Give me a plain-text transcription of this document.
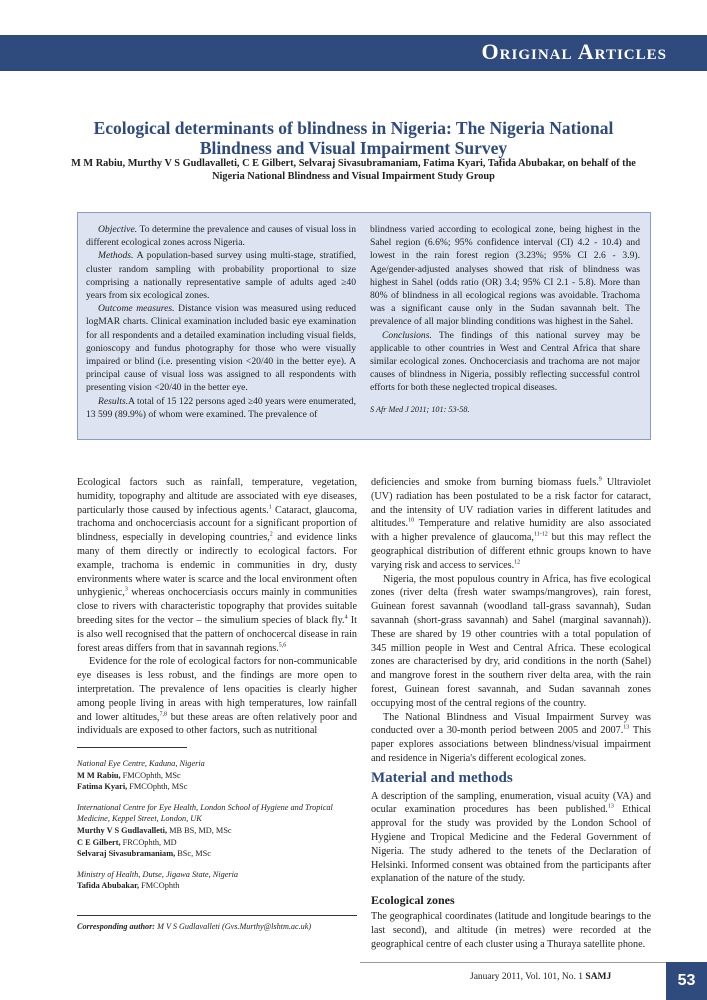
Original Articles
Ecological determinants of blindness in Nigeria: The Nigeria National Blindness and Visual Impairment Survey
M M Rabiu, Murthy V S Gudlavalleti, C E Gilbert, Selvaraj Sivasubramaniam, Fatima Kyari, Tafida Abubakar, on behalf of the Nigeria National Blindness and Visual Impairment Study Group

Objective. To determine the prevalence and causes of visual loss in different ecological zones across Nigeria.

Methods. A population-based survey using multi-stage, stratified, cluster random sampling with probability proportional to size comprising a nationally representative sample of adults aged ≥40 years from six ecological zones.

Outcome measures. Distance vision was measured using reduced logMAR charts. Clinical examination included basic eye examination for all respondents and a detailed examination including visual fields, gonioscopy and fundus photography for those who were visually impaired or blind (i.e. presenting vision <20/40 in the better eye). A principal cause of visual loss was assigned to all respondents with presenting vision <20/40 in the better eye.

Results.A total of 15 122 persons aged ≥40 years were enumerated, 13 599 (89.9%) of whom were examined. The prevalence of

blindness varied according to ecological zone, being highest in the Sahel region (6.6%; 95% confidence interval (CI) 4.2 - 10.4) and lowest in the rain forest region (3.23%; 95% CI 2.6 - 3.9). Age/gender-adjusted analyses showed that risk of blindness was highest in Sahel (odds ratio (OR) 3.4; 95% CI 2.1 - 5.8). More than 80% of blindness in all ecological regions was avoidable. Trachoma was a significant cause only in the Sudan savannah belt. The prevalence of all major blinding conditions was highest in the Sahel.

Conclusions. The findings of this national survey may be applicable to other countries in West and Central Africa that share similar ecological zones. Onchocerciasis and trachoma are not major causes of blindness in Nigeria, possibly reflecting successful control efforts for both these neglected tropical diseases.

S Afr Med J 2011; 101: 53-58.

Ecological factors such as rainfall, temperature, vegetation, humidity, topography and altitude are associated with eye diseases, particularly those caused by infectious agents.$^1$ Cataract, glaucoma, trachoma and onchocerciasis account for a significant proportion of blindness, especially in developing countries,$^2$ and evidence links many of them directly or indirectly to ecological factors. For example, trachoma is endemic in communities in dry, dusty environments where water is scarce and the local environment often unhygienic,$^3$ whereas onchocerciasis occurs mainly in communities close to rivers with characteristic topography that provides suitable breeding sites for the vector – the simulium species of black fly.$^4$ It is also well recognised that the pattern of onchocercal disease in rain forest areas differs from that in savannah regions.$^{5,6}$

Evidence for the role of ecological factors for non-communicable eye diseases is less robust, and the findings are more open to interpretation. The prevalence of lens opacities is clearly higher among people living in areas with high temperatures, low rainfall and lower altitudes,$^{7,8}$ but these areas are often relatively poor and individuals are exposed to other factors, such as nutritional

National Eye Centre, Kaduna, Nigeria

M M Rabiu, FMCOphth, MSc

Fatima Kyari, FMCOphth, MSc

International Centre for Eye Health, London School of Hygiene and Tropical Medicine, Keppel Street, London, UK

Murthy V S Gudlavalleti, MB BS, MD, MSc

C E Gilbert, FRCOphth, MD

Selvaraj Sivasubramaniam, BSc, MSc

Ministry of Health, Dutse, Jigawa State, Nigeria

Tafida Abubakar, FMCOphth

Corresponding author: M V S Gudlavalleti (Gvs.Murthy@lshtm.ac.uk)

deficiencies and smoke from burning biomass fuels.$^9$ Ultraviolet (UV) radiation has been postulated to be a risk factor for cataract, and the intensity of UV radiation varies in different latitudes and altitudes.$^{10}$ Temperature and relative humidity are also associated with a higher prevalence of glaucoma,$^{11-12}$ but this may reflect the geographical distribution of different ethnic groups known to have varying risk and access to services.$^{12}$

Nigeria, the most populous country in Africa, has five ecological zones (river delta (fresh water swamps/mangroves), rain forest, Guinean forest savannah (woodland tall-grass savannah), Sudan savannah (short-grass savannah) and Sahel (marginal savannah)). These are shared by 19 other countries with a total population of 345 million people in West and Central Africa. These ecological zones are characterised by dry, arid conditions in the north (Sahel) and mangrove forest in the southern river delta area, with the rain forest, Guinean forest savannah, and Sudan savannah zones occupying most of the central regions of the country.

The National Blindness and Visual Impairment Survey was conducted over a 30-month period between 2005 and 2007.13 This paper explores associations between blindness/visual impairment and residence in Nigeria's different ecological zones.

Material and methods

A description of the sampling, enumeration, visual acuity (VA) and ocular examination procedures has been published.$^{13}$ Ethical approval for the study was provided by the London School of Hygiene and Tropical Medicine and the Federal Government of Nigeria. The study adhered to the tenets of the Declaration of Helsinki. Informed consent was obtained from the participants after explanation of the nature of the study.

Ecological zones

The geographical coordinates (latitude and longitude bearings to the last second), and altitude (in metres) were recorded at the geographical centre of each cluster using a Thuraya satellite phone.

January 2011, Vol. 101, No. 1 SAMJ	53
